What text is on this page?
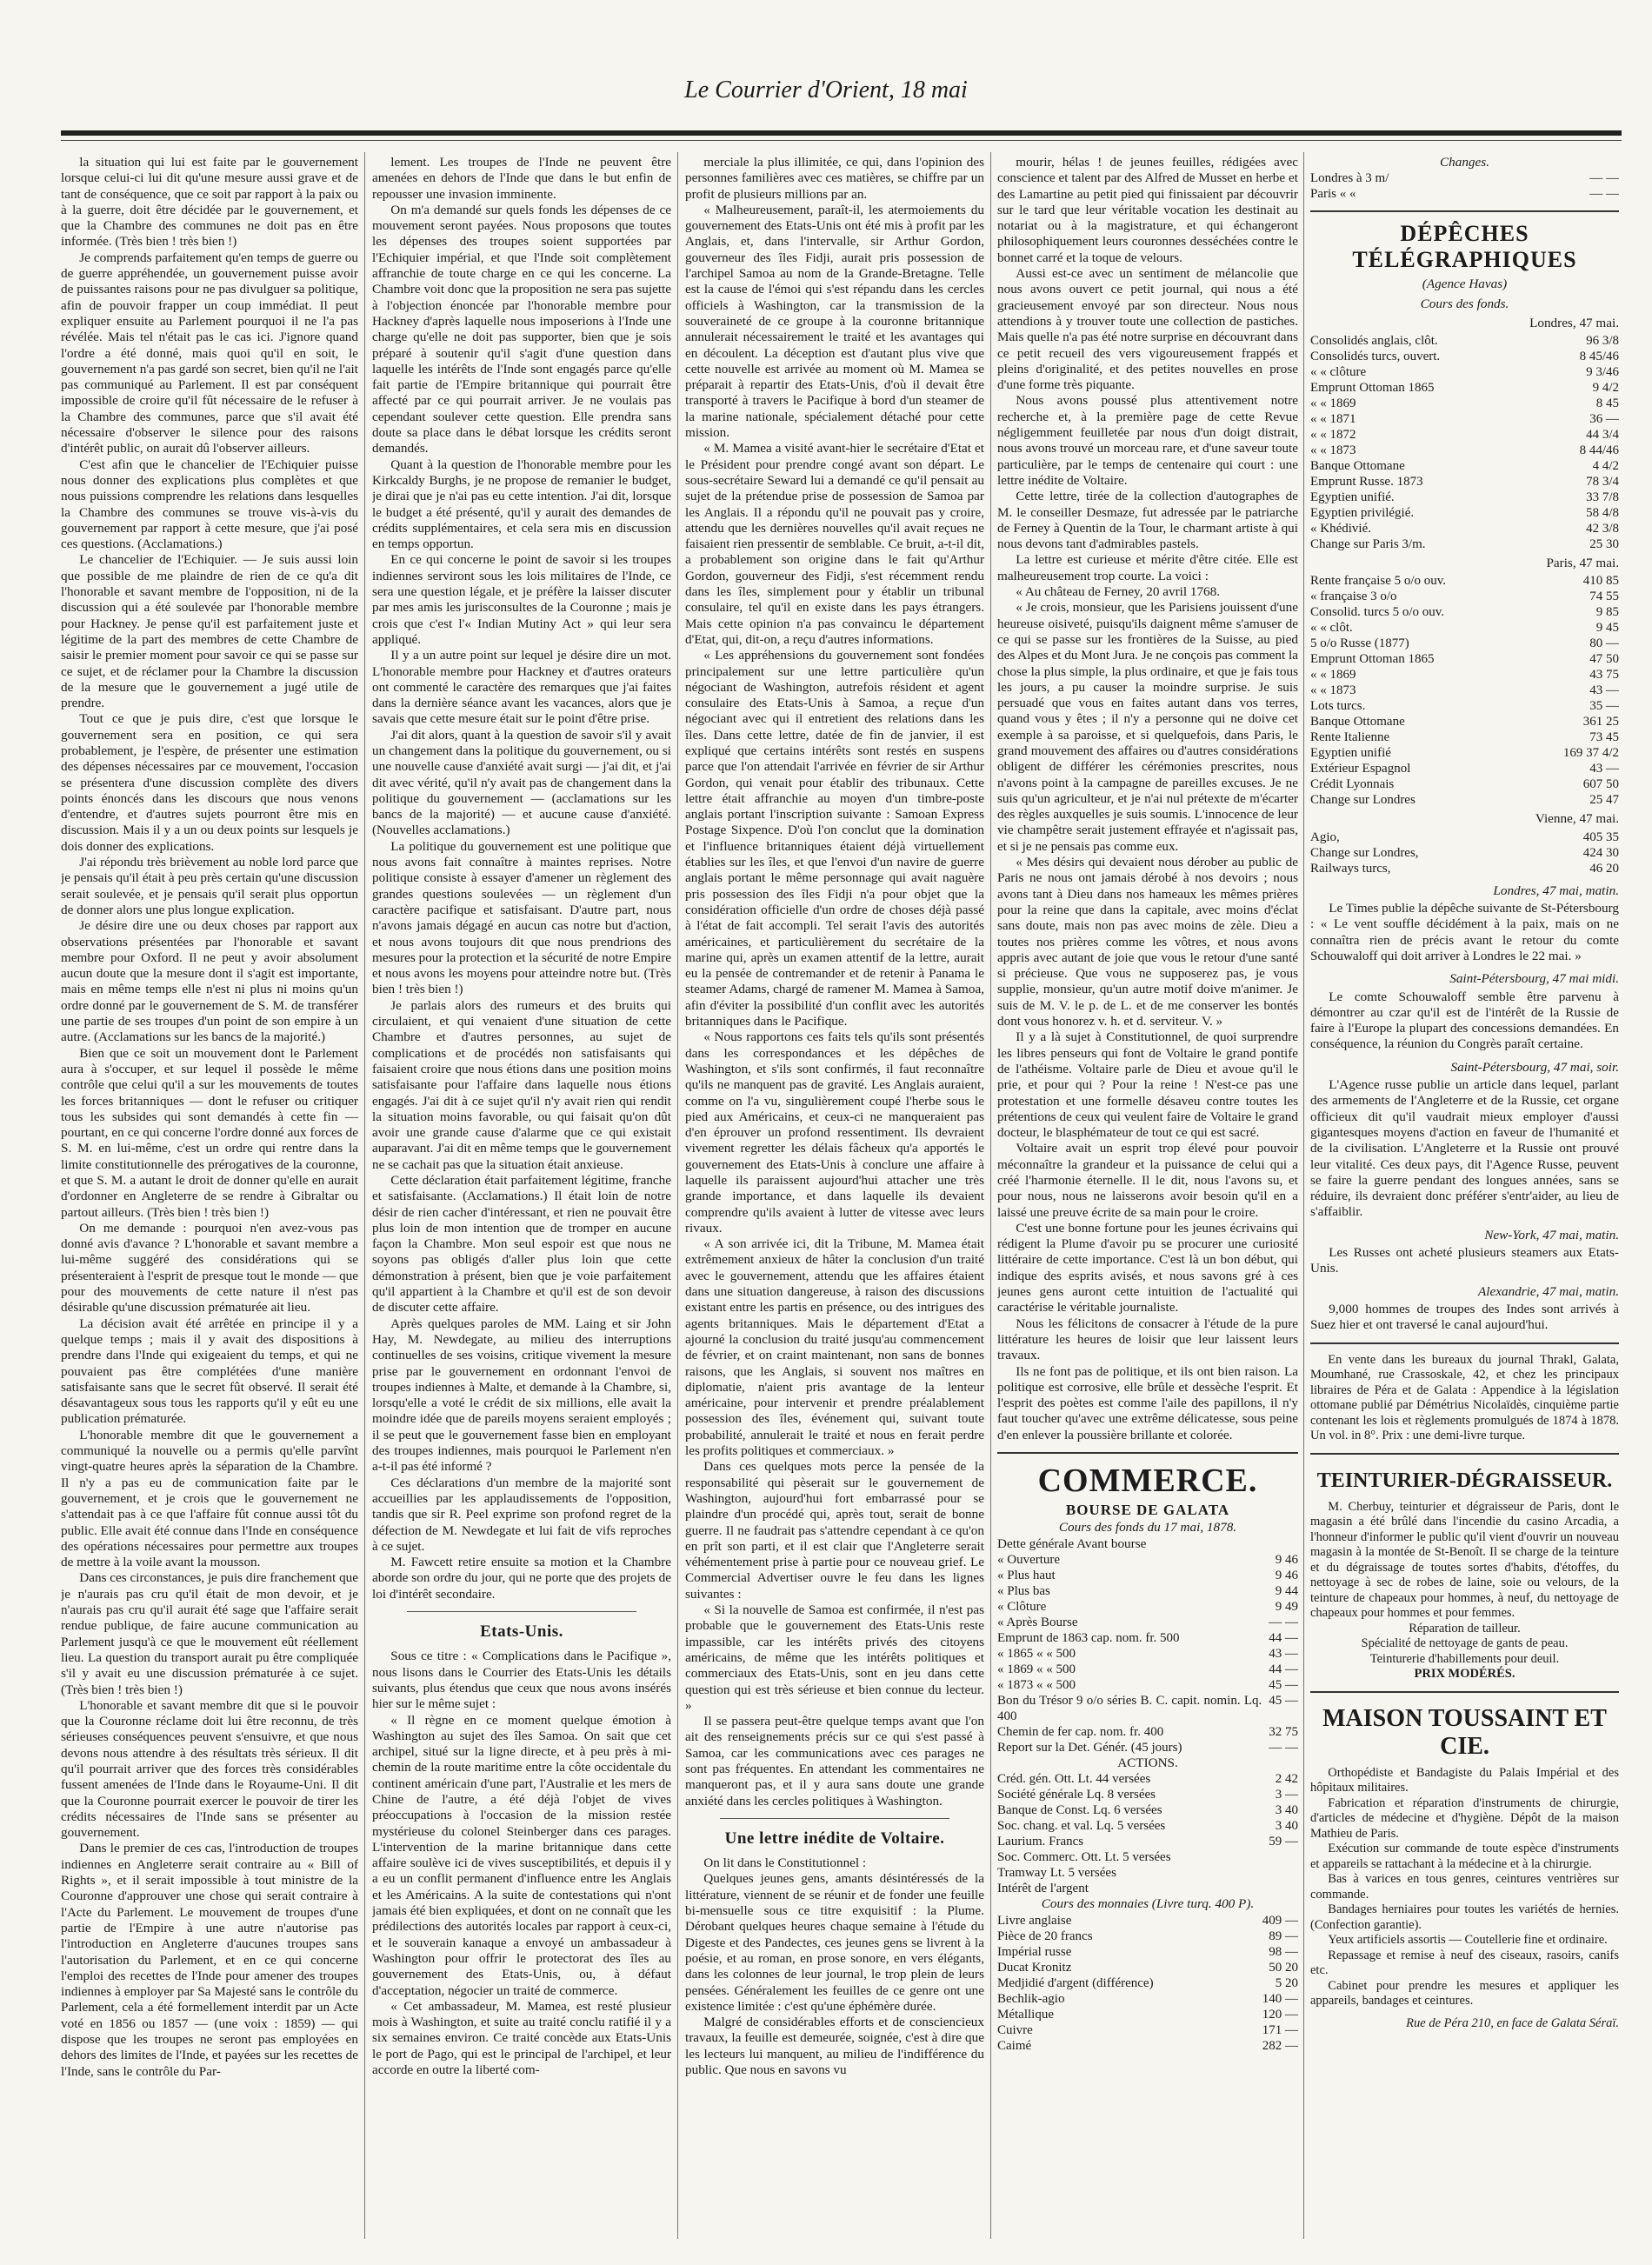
Le Courrier d'Orient, 18 mai

la situation qui lui est faite par le gouvernement lorsque celui-ci lui dit qu'une mesure aussi grave et de tant de conséquence, que ce soit par rapport à la paix ou à la guerre, doit être décidée par le gouvernement, et que la Chambre des communes ne doit pas en être informée. (Très bien ! très bien !)

Je comprends parfaitement qu'en temps de guerre ou de guerre appréhendée, un gouvernement puisse avoir de puissantes raisons pour ne pas divulguer sa politique, afin de pouvoir frapper un coup immédiat. Il peut expliquer ensuite au Parlement pourquoi il ne l'a pas révélée. Mais tel n'était pas le cas ici. J'ignore quand l'ordre a été donné, mais quoi qu'il en soit, le gouvernement n'a pas gardé son secret, bien qu'il ne l'ait pas communiqué au Parlement. Il est par conséquent impossible de croire qu'il fût nécessaire de le refuser à la Chambre des communes, parce que s'il avait été nécessaire d'observer le silence pour des raisons d'intérêt public, on aurait dû l'observer ailleurs.

C'est afin que le chancelier de l'Echiquier puisse nous donner des explications plus complètes et que nous puissions comprendre les relations dans lesquelles la Chambre des communes se trouve vis-à-vis du gouvernement par rapport à cette mesure, que j'ai posé ces questions. (Acclamations.)

Le chancelier de l'Echiquier. — Je suis aussi loin que possible de me plaindre de rien de ce qu'a dit l'honorable et savant membre de l'opposition, ni de la discussion qui a été soulevée par l'honorable membre pour Hackney. Je pense qu'il est parfaitement juste et légitime de la part des membres de cette Chambre de saisir le premier moment pour savoir ce qui se passe sur ce sujet, et de réclamer pour la Chambre la discussion de la mesure que le gouvernement a jugé utile de prendre.

Tout ce que je puis dire, c'est que lorsque le gouvernement sera en position, ce qui sera probablement, je l'espère, de présenter une estimation des dépenses nécessaires par ce mouvement, l'occasion se présentera d'une discussion complète des divers points énoncés dans les discours que nous venons d'entendre, et d'autres sujets pourront être mis en discussion. Mais il y a un ou deux points sur lesquels je dois donner des explications.

J'ai répondu très brièvement au noble lord parce que je pensais qu'il était à peu près certain qu'une discussion serait soulevée, et je pensais qu'il serait plus opportun de donner alors une plus longue explication.

Je désire dire une ou deux choses par rapport aux observations présentées par l'honorable et savant membre pour Oxford. Il ne peut y avoir absolument aucun doute que la mesure dont il s'agit est importante, mais en même temps elle n'est ni plus ni moins qu'un ordre donné par le gouvernement de S. M. de transférer une partie de ses troupes d'un point de son empire à un autre. (Acclamations sur les bancs de la majorité.)

Bien que ce soit un mouvement dont le Parlement aura à s'occuper, et sur lequel il possède le même contrôle que celui qu'il a sur les mouvements de toutes les forces britanniques — dont le refuser ou critiquer tous les subsides qui sont demandés à cette fin — pourtant, en ce qui concerne l'ordre donné aux forces de S. M. en lui-même, c'est un ordre qui rentre dans la limite constitutionnelle des prérogatives de la couronne, et que S. M. a autant le droit de donner qu'elle en aurait d'ordonner en Angleterre de se rendre à Gibraltar ou partout ailleurs. (Très bien ! très bien !)

On me demande : pourquoi n'en avez-vous pas donné avis d'avance ? L'honorable et savant membre a lui-même suggéré des considérations qui se présenteraient à l'esprit de presque tout le monde — que pour des mouvements de cette nature il n'est pas désirable qu'une discussion prématurée ait lieu.

La décision avait été arrêtée en principe il y a quelque temps ; mais il y avait des dispositions à prendre dans l'Inde qui exigeaient du temps, et qui ne pouvaient pas être complétées d'une manière satisfaisante sans que le secret fût observé. Il serait été désavantageux sous tous les rapports qu'il y eût eu une publication prématurée.

L'honorable membre dit que le gouvernement a communiqué la nouvelle ou a permis qu'elle parvînt vingt-quatre heures après la séparation de la Chambre. Il n'y a pas eu de communication faite par le gouvernement, et je crois que le gouvernement ne s'attendait pas à ce que l'affaire fût connue aussi tôt du public. Elle avait été connue dans l'Inde en conséquence des opérations nécessaires pour permettre aux troupes de mettre à la voile avant la mousson.

Dans ces circonstances, je puis dire franchement que je n'aurais pas cru qu'il était de mon devoir, et je n'aurais pas cru qu'il aurait été sage que l'affaire serait rendue publique, de faire aucune communication au Parlement jusqu'à ce que le mouvement eût réellement lieu. La question du transport aurait pu être compliquée s'il y avait eu une discussion prématurée à ce sujet. (Très bien ! très bien !)

L'honorable et savant membre dit que si le pouvoir que la Couronne réclame doit lui être reconnu, de très sérieuses conséquences peuvent s'ensuivre, et que nous devons nous attendre à des résultats très sérieux. Il dit qu'il pourrait arriver que des forces très considérables fussent amenées de l'Inde dans le Royaume-Uni. Il dit que la Couronne pourrait exercer le pouvoir de tirer les crédits nécessaires de l'Inde sans se présenter au gouvernement.

Dans le premier de ces cas, l'introduction de troupes indiennes en Angleterre serait contraire au « Bill of Rights », et il serait impossible à tout ministre de la Couronne d'approuver une chose qui serait contraire à l'Acte du Parlement. Le mouvement de troupes d'une partie de l'Empire à une autre n'autorise pas l'introduction en Angleterre d'aucunes troupes sans l'autorisation du Parlement, et en ce qui concerne l'emploi des recettes de l'Inde pour amener des troupes indiennes à employer par Sa Majesté sans le contrôle du Parlement, cela a été formellement interdit par un Acte voté en 1856 ou 1857 — (une voix : 1859) — qui dispose que les troupes ne seront pas employées en dehors des limites de l'Inde, et payées sur les recettes de l'Inde, sans le contrôle du Par-

lement. Les troupes de l'Inde ne peuvent être amenées en dehors de l'Inde que dans le but enfin de repousser une invasion imminente.

On m'a demandé sur quels fonds les dépenses de ce mouvement seront payées. Nous proposons que toutes les dépenses des troupes soient supportées par l'Echiquier impérial, et que l'Inde soit complètement affranchie de toute charge en ce qui les concerne. La Chambre voit donc que la proposition ne sera pas sujette à l'objection énoncée par l'honorable membre pour Hackney d'après laquelle nous imposerions à l'Inde une charge qu'elle ne doit pas supporter, bien que je sois préparé à soutenir qu'il s'agit d'une question dans laquelle les intérêts de l'Inde sont engagés parce qu'elle fait partie de l'Empire britannique qui pourrait être affecté par ce qui pourrait arriver. Je ne voulais pas cependant soulever cette question. Elle prendra sans doute sa place dans le débat lorsque les crédits seront demandés.

Quant à la question de l'honorable membre pour les Kirkcaldy Burghs, je ne propose de remanier le budget, je dirai que je n'ai pas eu cette intention. J'ai dit, lorsque le budget a été présenté, qu'il y aurait des demandes de crédits supplémentaires, et cela sera mis en discussion en temps opportun.

En ce qui concerne le point de savoir si les troupes indiennes serviront sous les lois militaires de l'Inde, ce sera une question légale, et je préfère la laisser discuter par mes amis les jurisconsultes de la Couronne ; mais je crois que c'est l'« Indian Mutiny Act » qui leur sera appliqué.

Il y a un autre point sur lequel je désire dire un mot. L'honorable membre pour Hackney et d'autres orateurs ont commenté le caractère des remarques que j'ai faites dans la dernière séance avant les vacances, alors que je savais que cette mesure était sur le point d'être prise.

J'ai dit alors, quant à la question de savoir s'il y avait un changement dans la politique du gouvernement, ou si une nouvelle cause d'anxiété avait surgi — j'ai dit, et j'ai dit avec vérité, qu'il n'y avait pas de changement dans la politique du gouvernement — (acclamations sur les bancs de la majorité) — et aucune cause d'anxiété. (Nouvelles acclamations.)

La politique du gouvernement est une politique que nous avons fait connaître à maintes reprises. Notre politique consiste à essayer d'amener un règlement des grandes questions soulevées — un règlement d'un caractère pacifique et satisfaisant. D'autre part, nous n'avons jamais dégagé en aucun cas notre but d'action, et nous avons toujours dit que nous prendrions des mesures pour la protection et la sécurité de notre Empire et nous avons les moyens pour atteindre notre but. (Très bien ! très bien !)

Je parlais alors des rumeurs et des bruits qui circulaient, et qui venaient d'une situation de cette Chambre et d'autres personnes, au sujet de complications et de procédés non satisfaisants qui faisaient croire que nous étions dans une position moins satisfaisante pour l'affaire dans laquelle nous étions engagés. J'ai dit à ce sujet qu'il n'y avait rien qui rendit la situation moins favorable, ou qui faisait qu'on dût avoir une grande cause d'alarme que ce qui existait auparavant. J'ai dit en même temps que le gouvernement ne se cachait pas que la situation était anxieuse.

Cette déclaration était parfaitement légitime, franche et satisfaisante. (Acclamations.) Il était loin de notre désir de rien cacher d'intéressant, et rien ne pouvait être plus loin de mon intention que de tromper en aucune façon la Chambre. Mon seul espoir est que nous ne soyons pas obligés d'aller plus loin que cette démonstration à présent, bien que je voie parfaitement qu'il appartient à la Chambre et qu'il est de son devoir de discuter cette affaire.

Après quelques paroles de MM. Laing et sir John Hay, M. Newdegate, au milieu des interruptions continuelles de ses voisins, critique vivement la mesure prise par le gouvernement en ordonnant l'envoi de troupes indiennes à Malte, et demande à la Chambre, si, lorsqu'elle a voté le crédit de six millions, elle avait la moindre idée que de pareils moyens seraient employés ; il se peut que le gouvernement fasse bien en employant des troupes indiennes, mais pourquoi le Parlement n'en a-t-il pas été informé ?

Ces déclarations d'un membre de la majorité sont accueillies par les applaudissements de l'opposition, tandis que sir R. Peel exprime son profond regret de la défection de M. Newdegate et lui fait de vifs reproches à ce sujet.

M. Fawcett retire ensuite sa motion et la Chambre aborde son ordre du jour, qui ne porte que des projets de loi d'intérêt secondaire.

Etats-Unis.

Sous ce titre : « Complications dans le Pacifique », nous lisons dans le Courrier des Etats-Unis les détails suivants, plus étendus que ceux que nous avons insérés hier sur le même sujet :

« Il règne en ce moment quelque émotion à Washington au sujet des îles Samoa. On sait que cet archipel, situé sur la ligne directe, et à peu près à mi-chemin de la route maritime entre la côte occidentale du continent américain d'une part, l'Australie et les mers de Chine de l'autre, a été déjà l'objet de vives préoccupations à l'occasion de la mission restée mystérieuse du colonel Steinberger dans ces parages. L'intervention de la marine britannique dans cette affaire soulève ici de vives susceptibilités, et depuis il y a eu un conflit permanent d'influence entre les Anglais et les Américains. A la suite de contestations qui n'ont jamais été bien expliquées, et dont on ne connaît que les prédilections des autorités locales par rapport à ceux-ci, et le souverain kanaque a envoyé un ambassadeur à Washington pour offrir le protectorat des îles au gouvernement des Etats-Unis, ou, à défaut d'acceptation, négocier un traité de commerce.

« Cet ambassadeur, M. Mamea, est resté plusieur mois à Washington, et suite au traité conclu ratifié il y a six semaines environ. Ce traité concède aux Etats-Unis le port de Pago, qui est le principal de l'archipel, et leur accorde en outre la liberté com-

merciale la plus illimitée, ce qui, dans l'opinion des personnes familières avec ces matières, se chiffre par un profit de plusieurs millions par an.

« Malheureusement, paraît-il, les atermoiements du gouvernement des Etats-Unis ont été mis à profit par les Anglais, et, dans l'intervalle, sir Arthur Gordon, gouverneur des îles Fidji, aurait pris possession de l'archipel Samoa au nom de la Grande-Bretagne. Telle est la cause de l'émoi qui s'est répandu dans les cercles officiels à Washington, car la transmission de la souveraineté de ce groupe à la couronne britannique annulerait nécessairement le traité et les avantages qui en découlent. La déception est d'autant plus vive que cette nouvelle est arrivée au moment où M. Mamea se préparait à repartir des Etats-Unis, d'où il devait être transporté à travers le Pacifique à bord d'un steamer de la marine nationale, spécialement détaché pour cette mission.

« M. Mamea a visité avant-hier le secrétaire d'Etat et le Président pour prendre congé avant son départ. Le sous-secrétaire Seward lui a demandé ce qu'il pensait au sujet de la prétendue prise de possession de Samoa par les Anglais. Il a répondu qu'il ne pouvait pas y croire, attendu que les dernières nouvelles qu'il avait reçues ne faisaient rien pressentir de semblable. Ce bruit, a-t-il dit, a probablement son origine dans le fait qu'Arthur Gordon, gouverneur des Fidji, s'est récemment rendu dans les îles, simplement pour y établir un tribunal consulaire, tel qu'il en existe dans les pays étrangers. Mais cette opinion n'a pas convaincu le département d'Etat, qui, dit-on, a reçu d'autres informations.

« Les appréhensions du gouvernement sont fondées principalement sur une lettre particulière qu'un négociant de Washington, autrefois résident et agent consulaire des Etats-Unis à Samoa, a reçue d'un négociant avec qui il entretient des relations dans les îles. Dans cette lettre, datée de fin de janvier, il est expliqué que certains intérêts sont restés en suspens parce que l'on attendait l'arrivée en février de sir Arthur Gordon, qui venait pour établir des tribunaux. Cette lettre était affranchie au moyen d'un timbre-poste anglais portant l'inscription suivante : Samoan Express Postage Sixpence. D'où l'on conclut que la domination et l'influence britanniques étaient déjà virtuellement établies sur les îles, et que l'envoi d'un navire de guerre anglais portant le même personnage qui avait naguère pris possession des îles Fidji n'a pour objet que la considération officielle d'un ordre de choses déjà passé à l'état de fait accompli. Tel serait l'avis des autorités américaines, et particulièrement du secrétaire de la marine qui, après un examen attentif de la lettre, aurait eu la pensée de contremander et de retenir à Panama le steamer Adams, chargé de ramener M. Mamea à Samoa, afin d'éviter la possibilité d'un conflit avec les autorités britanniques dans le Pacifique.

« Nous rapportons ces faits tels qu'ils sont présentés dans les correspondances et les dépêches de Washington, et s'ils sont confirmés, il faut reconnaître qu'ils ne manquent pas de gravité. Les Anglais auraient, comme on l'a vu, singulièrement coupé l'herbe sous le pied aux Américains, et ceux-ci ne manqueraient pas d'en éprouver un profond ressentiment. Ils devraient vivement regretter les délais fâcheux qu'a apportés le gouvernement des Etats-Unis à conclure une affaire à laquelle ils paraissent aujourd'hui attacher une très grande importance, et dans laquelle ils devaient comprendre qu'ils avaient à lutter de vitesse avec leurs rivaux.

« A son arrivée ici, dit la Tribune, M. Mamea était extrêmement anxieux de hâter la conclusion d'un traité avec le gouvernement, attendu que les affaires étaient dans une situation dangereuse, à raison des discussions existant entre les partis en présence, ou des intrigues des agents britanniques. Mais le département d'Etat a ajourné la conclusion du traité jusqu'au commencement de février, et on craint maintenant, non sans de bonnes raisons, que les Anglais, si souvent nos maîtres en diplomatie, n'aient pris avantage de la lenteur américaine, pour intervenir et prendre préalablement possession des îles, événement qui, suivant toute probabilité, annulerait le traité et nous en ferait perdre les profits politiques et commerciaux. »

Dans ces quelques mots perce la pensée de la responsabilité qui pèserait sur le gouvernement de Washington, aujourd'hui fort embarrassé pour se plaindre d'un procédé qui, après tout, serait de bonne guerre. Il ne faudrait pas s'attendre cependant à ce qu'on en prît son parti, et il est clair que l'Angleterre serait véhémentement prise à partie pour ce nouveau grief. Le Commercial Advertiser ouvre le feu dans les lignes suivantes :

« Si la nouvelle de Samoa est confirmée, il n'est pas probable que le gouvernement des Etats-Unis reste impassible, car les intérêts privés des citoyens américains, de même que les intérêts politiques et commerciaux des Etats-Unis, sont en jeu dans cette question qui est très sérieuse et bien connue du lecteur. »

Il se passera peut-être quelque temps avant que l'on ait des renseignements précis sur ce qui s'est passé à Samoa, car les communications avec ces parages ne sont pas fréquentes. En attendant les commentaires ne manqueront pas, et il y aura sans doute une grande anxiété dans les cercles politiques à Washington.

Une lettre inédite de Voltaire.

On lit dans le Constitutionnel :

Quelques jeunes gens, amants désintéressés de la littérature, viennent de se réunir et de fonder une feuille bi-mensuelle sous ce titre exquisitif : la Plume. Dérobant quelques heures chaque semaine à l'étude du Digeste et des Pandectes, ces jeunes gens se livrent à la poésie, et au roman, en prose sonore, en vers élégants, dans les colonnes de leur journal, le trop plein de leurs pensées. Généralement les feuilles de ce genre ont une existence limitée : c'est qu'une éphémère durée.

Malgré de considérables efforts et de consciencieux travaux, la feuille est demeurée, soignée, c'est à dire que les lecteurs lui manquent, au milieu de l'indifférence du public. Que nous en savons vu

mourir, hélas ! de jeunes feuilles, rédigées avec conscience et talent par des Alfred de Musset en herbe et des Lamartine au petit pied qui finissaient par découvrir sur le tard que leur véritable vocation les destinait au notariat ou à la magistrature, et qui échangeront philosophiquement leurs couronnes desséchées contre le bonnet carré et la toque de velours.

Aussi est-ce avec un sentiment de mélancolie que nous avons ouvert ce petit journal, qui nous a été gracieusement envoyé par son directeur. Nous nous attendions à y trouver toute une collection de pastiches. Mais quelle n'a pas été notre surprise en découvrant dans ce petit recueil des vers vigoureusement frappés et pleins d'originalité, et des petites nouvelles en prose d'une forme très piquante.

Nous avons poussé plus attentivement notre recherche et, à la première page de cette Revue négligemment feuilletée par nous d'un doigt distrait, nous avons trouvé un morceau rare, et d'une saveur toute particulière, par le temps de centenaire qui court : une lettre inédite de Voltaire.

Cette lettre, tirée de la collection d'autographes de M. le conseiller Desmaze, fut adressée par le patriarche de Ferney à Quentin de la Tour, le charmant artiste à qui nous devons tant d'admirables pastels.

La lettre est curieuse et mérite d'être citée. Elle est malheureusement trop courte. La voici :

« Au château de Ferney, 20 avril 1768.

« Je crois, monsieur, que les Parisiens jouissent d'une heureuse oisiveté, puisqu'ils daignent même s'amuser de ce qui se passe sur les frontières de la Suisse, au pied des Alpes et du Mont Jura. Je ne conçois pas comment la chose la plus simple, la plus ordinaire, et que je fais tous les jours, a pu causer la moindre surprise. Je suis persuadé que vous en faites autant dans vos terres, quand vous y êtes ; il n'y a personne qui ne doive cet exemple à sa paroisse, et si quelquefois, dans Paris, le grand mouvement des affaires ou d'autres considérations obligent de différer les cérémonies prescrites, nous n'avons point à la campagne de pareilles excuses. Je ne suis qu'un agriculteur, et je n'ai nul prétexte de m'écarter des règles auxquelles je suis soumis. L'innocence de leur vie champêtre serait justement effrayée et n'agissait pas, et si je ne pensais pas comme eux.

« Mes désirs qui devaient nous dérober au public de Paris ne nous ont jamais dérobé à nos devoirs ; nous avons tant à Dieu dans nos hameaux les mêmes prières pour la reine que dans la capitale, avec moins d'éclat sans doute, mais non pas avec moins de zèle. Dieu a toutes nos prières comme les vôtres, et nous avons appris avec autant de joie que vous le retour d'une santé si précieuse. Que vous ne supposerez pas, je vous supplie, monsieur, qu'un autre motif doive m'animer. Je suis de M. V. le p. de L. et de me conserver les bontés dont vous honorez v. h. et d. serviteur. V. »

Il y a là sujet à Constitutionnel, de quoi surprendre les libres penseurs qui font de Voltaire le grand pontife de l'athéisme. Voltaire parle de Dieu et avoue qu'il le prie, et pour qui ? Pour la reine ! N'est-ce pas une protestation et une formelle désaveu contre toutes les prétentions de ceux qui veulent faire de Voltaire le grand docteur, le blasphémateur de tout ce qui est sacré.

Voltaire avait un esprit trop élevé pour pouvoir méconnaître la grandeur et la puissance de celui qui a créé l'harmonie éternelle. Il le dit, nous l'avons su, et pour nous, nous ne laisserons avoir besoin qu'il en a laissé une preuve écrite de sa main pour le croire.

C'est une bonne fortune pour les jeunes écrivains qui rédigent la Plume d'avoir pu se procurer une curiosité littéraire de cette importance. C'est là un bon début, qui indique des esprits avisés, et nous savons gré à ces jeunes gens auront cette intuition de l'actualité qui caractérise le véritable journaliste.

Nous les félicitons de consacrer à l'étude de la pure littérature les heures de loisir que leur laissent leurs travaux.

Ils ne font pas de politique, et ils ont bien raison. La politique est corrosive, elle brûle et dessèche l'esprit. Et l'esprit des poètes est comme l'aile des papillons, il n'y faut toucher qu'avec une extrême délicatesse, sous peine d'en enlever la poussière brillante et colorée.

COMMERCE.
BOURSE DE GALATA
Cours des fonds du 17 mai, 1878.
Dette générale Avant bourse
« Ouverture	9 46
« Plus haut	9 46
« Plus bas	9 44
« Clôture	9 49
« Après Bourse	— —
Emprunt de 1863 cap. nom. fr. 500	44 —
« 1865 « « 500	43 —
« 1869 « « 500	44 —
« 1873 « « 500	45 —
Bon du Trésor 9 o/o séries B. C. capit. nomin. Lq. 400	45 —
Chemin de fer cap. nom. fr. 400	32 75
Report sur la Det. Génér. (45 jours)	— —
ACTIONS.
Créd. gén. Ott. Lt. 44 versées	2 42
Société générale Lq. 8 versées	3 —
Banque de Const. Lq. 6 versées	3 40
Soc. chang. et val. Lq. 5 versées	3 40
Laurium. Francs	59 —
Soc. Commerc. Ott. Lt. 5 versées	
Tramway Lt. 5 versées	
Intérêt de l'argent	
Cours des monnaies (Livre turq. 400 P).
Livre anglaise	409 —
Pièce de 20 francs	89 —
Impérial russe	98 —
Ducat Kronitz	50 20
Medjidié d'argent (différence)	5 20
Bechlik-agio	140 —
Métallique	120 —
Cuivre	171 —
Caimé	282 —
Changes.
Londres à 3 m/	— —
Paris « «	— —
DÉPÊCHES TÉLÉGRAPHIQUES
(Agence Havas)
Cours des fonds.
Londres, 47 mai.
Consolidés anglais, clôt.	96 3/8
Consolidés turcs, ouvert.	8 45/46
« « clôture	9 3/46
Emprunt Ottoman 1865	9 4/2
« « 1869	8 45
« « 1871	36 —
« « 1872	44 3/4
« « 1873	8 44/46
Banque Ottomane	4 4/2
Emprunt Russe. 1873	78 3/4
Egyptien unifié.	33 7/8
Egyptien privilégié.	58 4/8
« Khédivié.	42 3/8
Change sur Paris 3/m.	25 30
Paris, 47 mai.
Rente française 5 o/o ouv.	410 85
« française 3 o/o	74 55
Consolid. turcs 5 o/o ouv.	9 85
« « clôt.	9 45
5 o/o Russe (1877)	80 —
Emprunt Ottoman 1865	47 50
« « 1869	43 75
« « 1873	43 —
Lots turcs.	35 —
Banque Ottomane	361 25
Rente Italienne	73 45
Egyptien unifié	169 37 4/2
Extérieur Espagnol	43 —
Crédit Lyonnais	607 50
Change sur Londres	25 47
Vienne, 47 mai.
Agio,	405 35
Change sur Londres,	424 30
Railways turcs,	46 20
Londres, 47 mai, matin.

Le Times publie la dépêche suivante de St-Pétersbourg : « Le vent souffle décidément à la paix, mais on ne connaîtra rien de précis avant le retour du comte Schouwaloff qui doit arriver à Londres le 22 mai. »

Saint-Pétersbourg, 47 mai midi.

Le comte Schouwaloff semble être parvenu à démontrer au czar qu'il est de l'intérêt de la Russie de faire à l'Europe la plupart des concessions demandées. En conséquence, la réunion du Congrès paraît certaine.

Saint-Pétersbourg, 47 mai, soir.

L'Agence russe publie un article dans lequel, parlant des armements de l'Angleterre et de la Russie, cet organe officieux dit qu'il vaudrait mieux employer d'aussi gigantesques moyens d'action en faveur de l'humanité et de la civilisation. L'Angleterre et la Russie ont prouvé leur vitalité. Ces deux pays, dit l'Agence Russe, peuvent se faire la guerre pendant des longues années, sans se réduire, ils devraient donc préférer s'entr'aider, au lieu de s'affaiblir.

New-York, 47 mai, matin.

Les Russes ont acheté plusieurs steamers aux Etats-Unis.

Alexandrie, 47 mai, matin.

9,000 hommes de troupes des Indes sont arrivés à Suez hier et ont traversé le canal aujourd'hui.

En vente dans les bureaux du journal Thrakl, Galata, Moumhané, rue Crassoskale, 42, et chez les principaux libraires de Péra et de Galata : Appendice à la législation ottomane publié par Démétrius Nicolaïdès, cinquième partie contenant les lois et règlements promulgués de 1874 à 1878. Un vol. in 8°. Prix : une demi-livre turque.

TEINTURIER-DÉGRAISSEUR.

M. Cherbuy, teinturier et dégraisseur de Paris, dont le magasin a été brûlé dans l'incendie du casino Arcadia, a l'honneur d'informer le public qu'il vient d'ouvrir un nouveau magasin à la montée de St-Benoît. Il se charge de la teinture et du dégraissage de toutes sortes d'habits, d'étoffes, du nettoyage à sec de robes de laine, soie ou velours, de la teinture de chapeaux pour hommes, à neuf, du nettoyage de chapeaux pour hommes et pour femmes.

Réparation de tailleur.
Spécialité de nettoyage de gants de peau.
Teinturerie d'habillements pour deuil.
PRIX MODÉRÉS.
MAISON TOUSSAINT ET CIE.

Orthopédiste et Bandagiste du Palais Impérial et des hôpitaux militaires.

Fabrication et réparation d'instruments de chirurgie, d'articles de médecine et d'hygiène. Dépôt de la maison Mathieu de Paris.

Exécution sur commande de toute espèce d'instruments et appareils se rattachant à la médecine et à la chirurgie.

Bas à varices en tous genres, ceintures ventrières sur commande.

Bandages herniaires pour toutes les variétés de hernies. (Confection garantie).

Yeux artificiels assortis — Coutellerie fine et ordinaire.

Repassage et remise à neuf des ciseaux, rasoirs, canifs etc.

Cabinet pour prendre les mesures et appliquer les appareils, bandages et ceintures.

Rue de Péra 210, en face de Galata Séraï.
